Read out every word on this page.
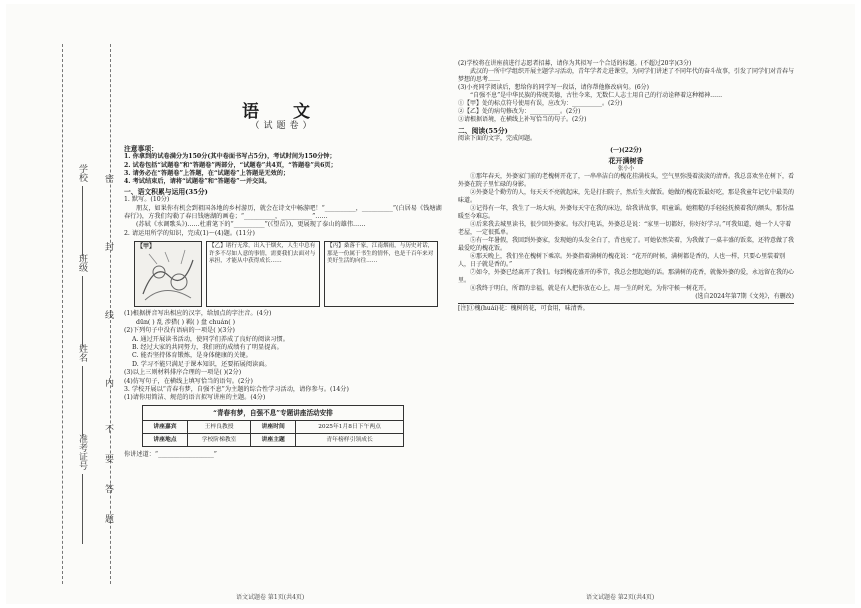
密
封
线
内
不
要
答
题
学校
班级
姓名
准考证号
语 文
（试题卷）
注意事项：

1. 你拿到的试卷满分为150分(其中卷面书写占5分)，考试时间为150分钟；

2. 试卷包括“试题卷”和“答题卷”两部分，“试题卷”共4页，“答题卷”共6页；

3. 请务必在“答题卷”上答题，在“试题卷”上答题是无效的；

4. 考试结束后，请将“试题卷”和“答题卷”一并交回。

一、语文积累与运用(35分)

1. 默写。(10分)

朋友，如果你有机会到祖国各地的乡村游历，就会在诗文中畅游吧！“__________，__________”(白居易《钱塘湖春行》)，方我们勾勒了春日钱塘湖的画卷；“__________，__________”……

(苏轼《水调歌头》)……杜甫笔下的“__________”(《望岳》)，更展现了泰山的雄伟……

2. 请运用所学的知识，完成(1)～(4)题。(11分)

【甲】	【乙】诸行无常，出入于烟火，人生中总有许多不尽如人意的事情，需要我们去面对与承担，才能从中获得成长……
【丙】桑落千家，江南烟雨，与历史对话，那是一份属于书生的情怀，也是千百年来对美好生活的向往……

(1)根据拼音写出相应的汉字，给加点的字注音。(4分)

dūn( ) 乱 涉猎( ) 羁( ) 盘 chuán( )

(2)下列句子中没有语病的一项是( )(3分)

A. 通过开展读书活动，使同学们养成了良好的阅读习惯。

B. 经过大家的共同努力，我们班的成绩有了明显提高。

C. 能否坚持体育锻炼，是身体健康的关键。

D. 学习不能只满足于课本知识，还要拓展阅读面。

(3)以上三则材料排序合理的一项是( )(2分)

(4)仿写句子，在横线上填写恰当的语句。(2分)

3. 学校开展以“青春有梦，自强不息”为主题的综合性学习活动，请你参与。(14分)

(1)请你用简洁、规范的语言拟写讲座的主题。(4分)

“青春有梦，自强不息”专题讲座活动安排			
讲座嘉宾	王梓良教授	讲座时间	2025年1月8日下午两点
讲座地点	学校阶梯教室	讲座主题	青年榜样引领成长

你讲述道：“__________________”

(2)学校将在讲座前进行志愿者招募，请你为其拟写一个合适的标题。(不超过20字)(3分)

武汉的一所中学组织开展主题学习活动，青年学者走进课堂，为同学们讲述了不同年代的奋斗故事，引发了同学们对青春与梦想的思考……

(3)小亮同学阅读后，想给你的同学写一段话，请你帮他修改病句。(6分)

“自强不息”是中华民族的传统美德，古往今来，无数仁人志士用自己的行动诠释着这种精神……

①【甲】处的标点符号使用有误，应改为：__________。(2分)

②【乙】处的病句修改为：__________。(2分)

③请根据语境，在横线上补写恰当的句子。(2分)

二、阅读(55分)

阅读下面的文字，完成问题。

(一)(22分)
花开满树香
张小小

①那年春天，外婆家门前的老槐树开花了，一串串洁白的槐花挂满枝头，空气里弥漫着淡淡的清香。我总喜欢坐在树下，看外婆在院子里忙碌的身影。

②外婆是个勤劳的人，每天天不亮就起床，先是打扫院子，然后生火做饭。她做的槐花饭最好吃，那是我童年记忆中最美的味道。

③记得有一年，我生了一场大病，外婆每天守在我的床边，给我讲故事，唱童谣。她粗糙的手轻轻抚摸着我的额头，那份温暖至今难忘。

④后来我去城里读书，很少回外婆家。每次打电话，外婆总是说：“家里一切都好，你好好学习。”可我知道，她一个人守着老屋，一定很孤单。

⑤有一年暑假，我回到外婆家，发现她的头发全白了，背也驼了。可她依然笑着，为我做了一桌丰盛的饭菜，还特意做了我最爱吃的槐花饭。

⑥那天晚上，我们坐在槐树下乘凉。外婆指着满树的槐花说：“花开的时候，满树都是香的，人也一样，只要心里装着别人，日子就是香的。”

⑦如今，外婆已经离开了我们。每到槐花盛开的季节，我总会想起她的话。那满树的花香，就像外婆的爱，永远留在我的心里。

⑧我终于明白，所谓的幸福，就是有人把你放在心上，用一生的时光，为你守候一树花开。

(选自2024年第7期《文苑》，有删改)

[注]①槐(huái)花：槐树的花，可食用，味清香。
语文试题卷 第1页(共4页)	语文试题卷 第2页(共4页)
